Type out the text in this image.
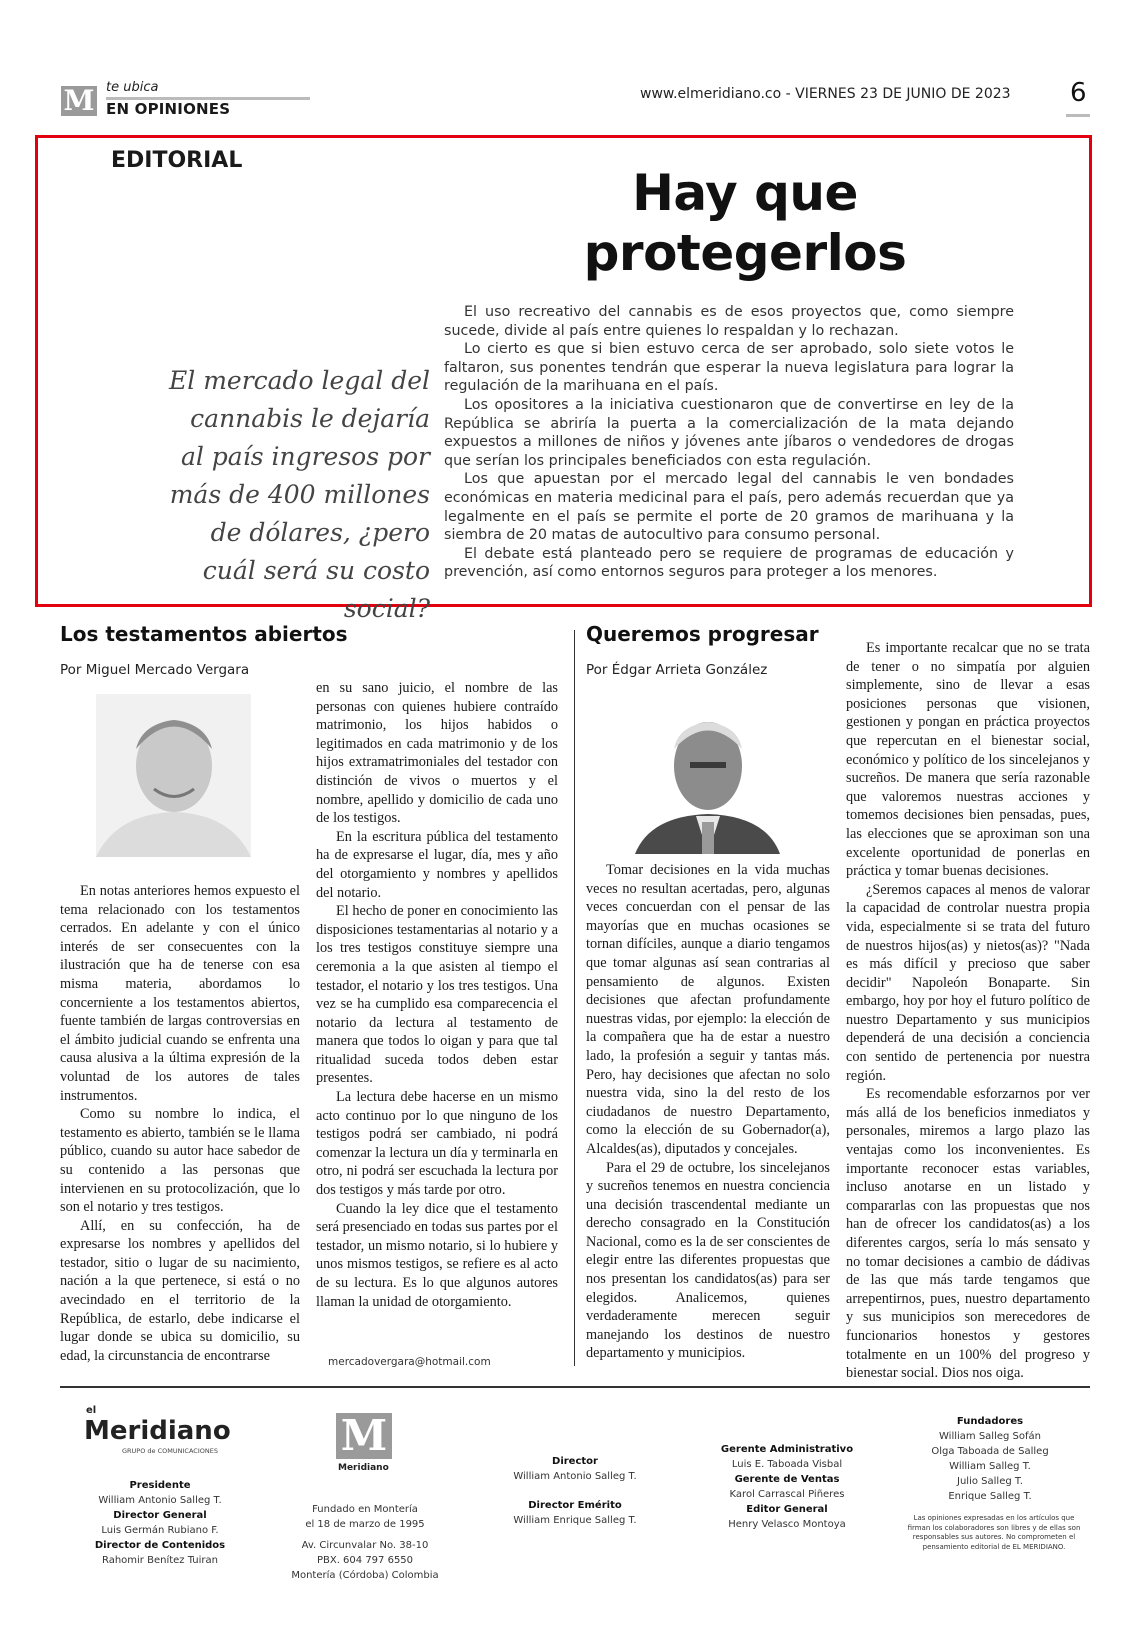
M te ubica
EN OPINIONES
www.elmeridiano.co - VIERNES 23 DE JUNIO DE 2023 6
EDITORIAL
Hay que
protegerlos
El mercado legal del cannabis le dejaría al país ingresos por más de 400 millones de dólares, ¿pero cuál será su costo social?

El uso recreativo del cannabis es de esos proyectos que, como siempre sucede, divide al país entre quienes lo respaldan y lo rechazan.

Lo cierto es que si bien estuvo cerca de ser aprobado, solo siete votos le faltaron, sus ponentes tendrán que esperar la nueva legislatura para lograr la regulación de la marihuana en el país.

Los opositores a la iniciativa cuestionaron que de convertirse en ley de la República se abriría la puerta a la comercialización de la mata dejando expuestos a millones de niños y jóvenes ante jíbaros o vendedores de drogas que serían los principales beneficiados con esta regulación.

Los que apuestan por el mercado legal del cannabis le ven bondades económicas en materia medicinal para el país, pero además recuerdan que ya legalmente en el país se permite el porte de 20 gramos de marihuana y la siembra de 20 matas de autocultivo para consumo personal.

El debate está planteado pero se requiere de programas de educación y prevención, así como entornos seguros para proteger a los menores.

Los testamentos abiertos
Por Miguel Mercado Vergara

En notas anteriores hemos expuesto el tema relacionado con los testamentos cerrados. En adelante y con el único interés de ser consecuentes con la ilustración que ha de tenerse con esa misma materia, abordamos lo concerniente a los testamentos abiertos, fuente también de largas controversias en el ámbito judicial cuando se enfrenta una causa alusiva a la última expresión de la voluntad de los autores de tales instrumentos.

Como su nombre lo indica, el testamento es abierto, también se le llama público, cuando su autor hace sabedor de su contenido a las personas que intervienen en su protocolización, que lo son el notario y tres testigos.

Allí, en su confección, ha de expresarse los nombres y apellidos del testador, sitio o lugar de su nacimiento, nación a la que pertenece, si está o no avecindado en el territorio de la República, de estarlo, debe indicarse el lugar donde se ubica su domicilio, su edad, la circunstancia de encontrarse

en su sano juicio, el nombre de las personas con quienes hubiere contraído matrimonio, los hijos habidos o legitimados en cada matrimonio y de los hijos extramatrimoniales del testador con distinción de vivos o muertos y el nombre, apellido y domicilio de cada uno de los testigos.

En la escritura pública del testamento ha de expresarse el lugar, día, mes y año del otorgamiento y nombres y apellidos del notario.

El hecho de poner en conocimiento las disposiciones testamentarias al notario y a los tres testigos constituye siempre una ceremonia a la que asisten al tiempo el testador, el notario y los tres testigos. Una vez se ha cumplido esa comparecencia el notario da lectura al testamento de manera que todos lo oigan y para que tal ritualidad suceda todos deben estar presentes.

La lectura debe hacerse en un mismo acto continuo por lo que ninguno de los testigos podrá ser cambiado, ni podrá comenzar la lectura un día y terminarla en otro, ni podrá ser escuchada la lectura por dos testigos y más tarde por otro.

Cuando la ley dice que el testamento será presenciado en todas sus partes por el testador, un mismo notario, si lo hubiere y unos mismos testigos, se refiere es al acto de su lectura. Es lo que algunos autores llaman la unidad de otorgamiento.

mercadovergara@hotmail.com
Queremos progresar
Por Édgar Arrieta González

Tomar decisiones en la vida muchas veces no resultan acertadas, pero, algunas veces concuerdan con el pensar de las mayorías que en muchas ocasiones se tornan difíciles, aunque a diario tengamos que tomar algunas así sean contrarias al pensamiento de algunos. Existen decisiones que afectan profundamente nuestras vidas, por ejemplo: la elección de la compañera que ha de estar a nuestro lado, la profesión a seguir y tantas más. Pero, hay decisiones que afectan no solo nuestra vida, sino la del resto de los ciudadanos de nuestro Departamento, como la elección de su Gobernador(a), Alcaldes(as), diputados y concejales.

Para el 29 de octubre, los sincelejanos y sucreños tenemos en nuestra conciencia una decisión trascendental mediante un derecho consagrado en la Constitución Nacional, como es la de ser conscientes de elegir entre las diferentes propuestas que nos presentan los candidatos(as) para ser elegidos. Analicemos, quienes verdaderamente merecen seguir manejando los destinos de nuestro departamento y municipios.

Es importante recalcar que no se trata de tener o no simpatía por alguien simplemente, sino de llevar a esas posiciones personas que visionen, gestionen y pongan en práctica proyectos que repercutan en el bienestar social, económico y político de los sincelejanos y sucreños. De manera que sería razonable que valoremos nuestras acciones y tomemos decisiones bien pensadas, pues, las elecciones que se aproximan son una excelente oportunidad de ponerlas en práctica y tomar buenas decisiones.

¿Seremos capaces al menos de valorar la capacidad de controlar nuestra propia vida, especialmente si se trata del futuro de nuestros hijos(as) y nietos(as)? "Nada es más difícil y precioso que saber decidir" Napoleón Bonaparte. Sin embargo, hoy por hoy el futuro político de nuestro Departamento y sus municipios dependerá de una decisión a conciencia con sentido de pertenencia por nuestra región.

Es recomendable esforzarnos por ver más allá de los beneficios inmediatos y personales, miremos a largo plazo las ventajas como los inconvenientes. Es importante reconocer estas variables, incluso anotarse en un listado y compararlas con las propuestas que nos han de ofrecer los candidatos(as) a los diferentes cargos, sería lo más sensato y no tomar decisiones a cambio de dádivas de las que más tarde tengamos que arrepentirnos, pues, nuestro departamento y sus municipios son merecedores de funcionarios honestos y gestores totalmente en un 100% del progreso y bienestar social. Dios nos oiga.

el
Meridiano
GRUPO de COMUNICACIONES
Presidente
William Antonio Salleg T.
Director General
Luis Germán Rubiano F.
Director de Contenidos
Rahomir Benítez Tuiran
M
Meridiano
Fundado en Montería
el 18 de marzo de 1995
Av. Circunvalar No. 38-10
PBX. 604 797 6550
Montería (Córdoba) Colombia
Director
William Antonio Salleg T.
Director Emérito
William Enrique Salleg T.
Gerente Administrativo
Luis E. Taboada Visbal
Gerente de Ventas
Karol Carrascal Piñeres
Editor General
Henry Velasco Montoya
Fundadores
William Salleg Sofán
Olga Taboada de Salleg
William Salleg T.
Julio Salleg T.
Enrique Salleg T.
Las opiniones expresadas en los artículos que firman los colaboradores son libres y de ellas son responsables sus autores. No comprometen el pensamiento editorial de EL MERIDIANO.
